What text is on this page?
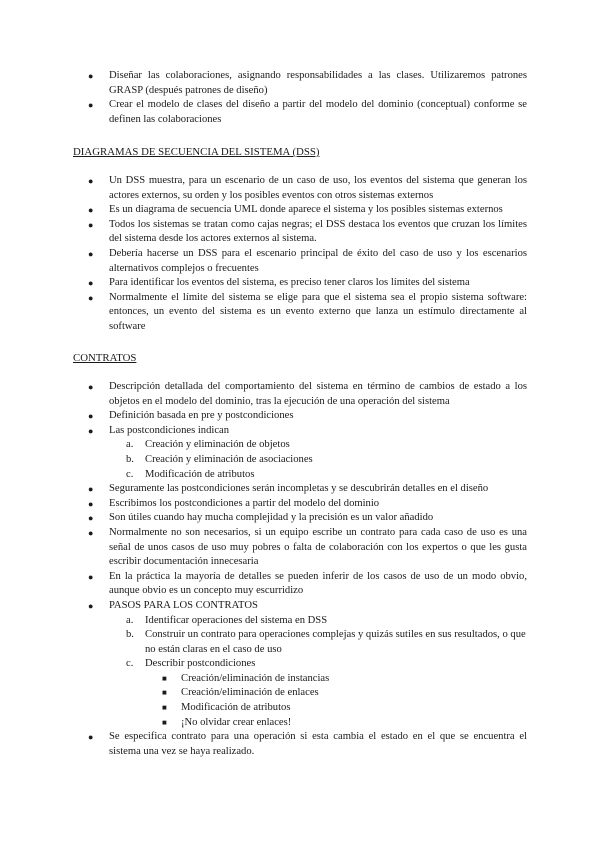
● Diseñar las colaboraciones, asignando responsabilidades a las clases. Utilizaremos patrones GRASP (después patrones de diseño)
● Crear el modelo de clases del diseño a partir del modelo del dominio (conceptual) conforme se definen las colaboraciones
DIAGRAMAS DE SECUENCIA DEL SISTEMA (DSS)
● Un DSS muestra, para un escenario de un caso de uso, los eventos del sistema que generan los actores externos, su orden y los posibles eventos con otros sistemas externos
● Es un diagrama de secuencia UML donde aparece el sistema y los posibles sistemas externos
● Todos los sistemas se tratan como cajas negras; el DSS destaca los eventos que cruzan los límites del sistema desde los actores externos al sistema.
● Debería hacerse un DSS para el escenario principal de éxito del caso de uso y los escenarios alternativos complejos o frecuentes
● Para identificar los eventos del sistema, es preciso tener claros los límites del sistema
● Normalmente el límite del sistema se elige para que el sistema sea el propio sistema software: entonces, un evento del sistema es un evento externo que lanza un estímulo directamente al software
CONTRATOS
● Descripción detallada del comportamiento del sistema en término de cambios de estado a los objetos en el modelo del dominio, tras la ejecución de una operación del sistema
● Definición basada en pre y postcondiciones
● Las postcondiciones indican
a. Creación y eliminación de objetos
b. Creación y eliminación de asociaciones
c. Modificación de atributos
● Seguramente las postcondiciones serán incompletas y se descubrirán detalles en el diseño
● Escribimos los postcondiciones a partir del modelo del dominio
● Son útiles cuando hay mucha complejidad y la precisión es un valor añadido
● Normalmente no son necesarios, si un equipo escribe un contrato para cada caso de uso es una señal de unos casos de uso muy pobres o falta de colaboración con los expertos o que les gusta escribir documentación innecesaria
● En la práctica la mayoría de detalles se pueden inferir de los casos de uso de un modo obvio, aunque obvio es un concepto muy escurridizo
● PASOS PARA LOS CONTRATOS
a. Identificar operaciones del sistema en DSS
b. Construir un contrato para operaciones complejas y quizás sutiles en sus resultados, o que no están claras en el caso de uso
c. Describir postcondiciones
■ Creación/eliminación de instancias
■ Creación/eliminación de enlaces
■ Modificación de atributos
■ ¡No olvidar crear enlaces!
● Se especifica contrato para una operación si esta cambia el estado en el que se encuentra el sistema una vez se haya realizado.
